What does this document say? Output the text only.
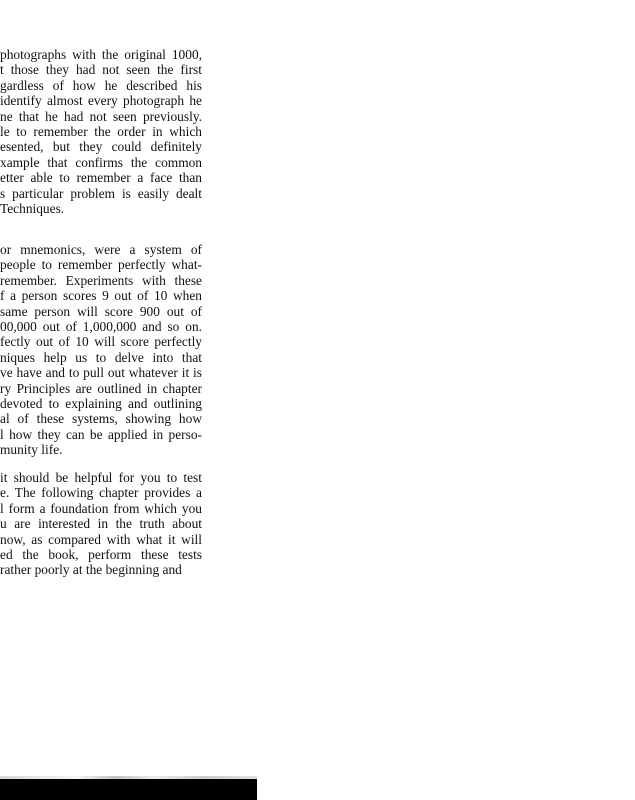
photographs with the original 1000,
t those they had not seen the first
gardless of how he described his
identify almost every photograph he
ne that he had not seen previously.
le to remember the order in which
esented, but they could definitely
xample that confirms the common
etter able to remember a face than
s particular problem is easily dealt
Techniques.
or mnemonics, were a system of
people to remember perfectly what-
remember. Experiments with these
f a person scores 9 out of 10 when
same person will score 900 out of
00,000 out of 1,000,000 and so on.
fectly out of 10 will score perfectly
niques help us to delve into that
ve have and to pull out whatever it is
ry Principles are outlined in chapter
devoted to explaining and outlining
al of these systems, showing how
l how they can be applied in perso-
munity life.
it should be helpful for you to test
e. The following chapter provides a
l form a foundation from which you
u are interested in the truth about
now, as compared with what it will
ed the book, perform these tests
rather poorly at the beginning and
